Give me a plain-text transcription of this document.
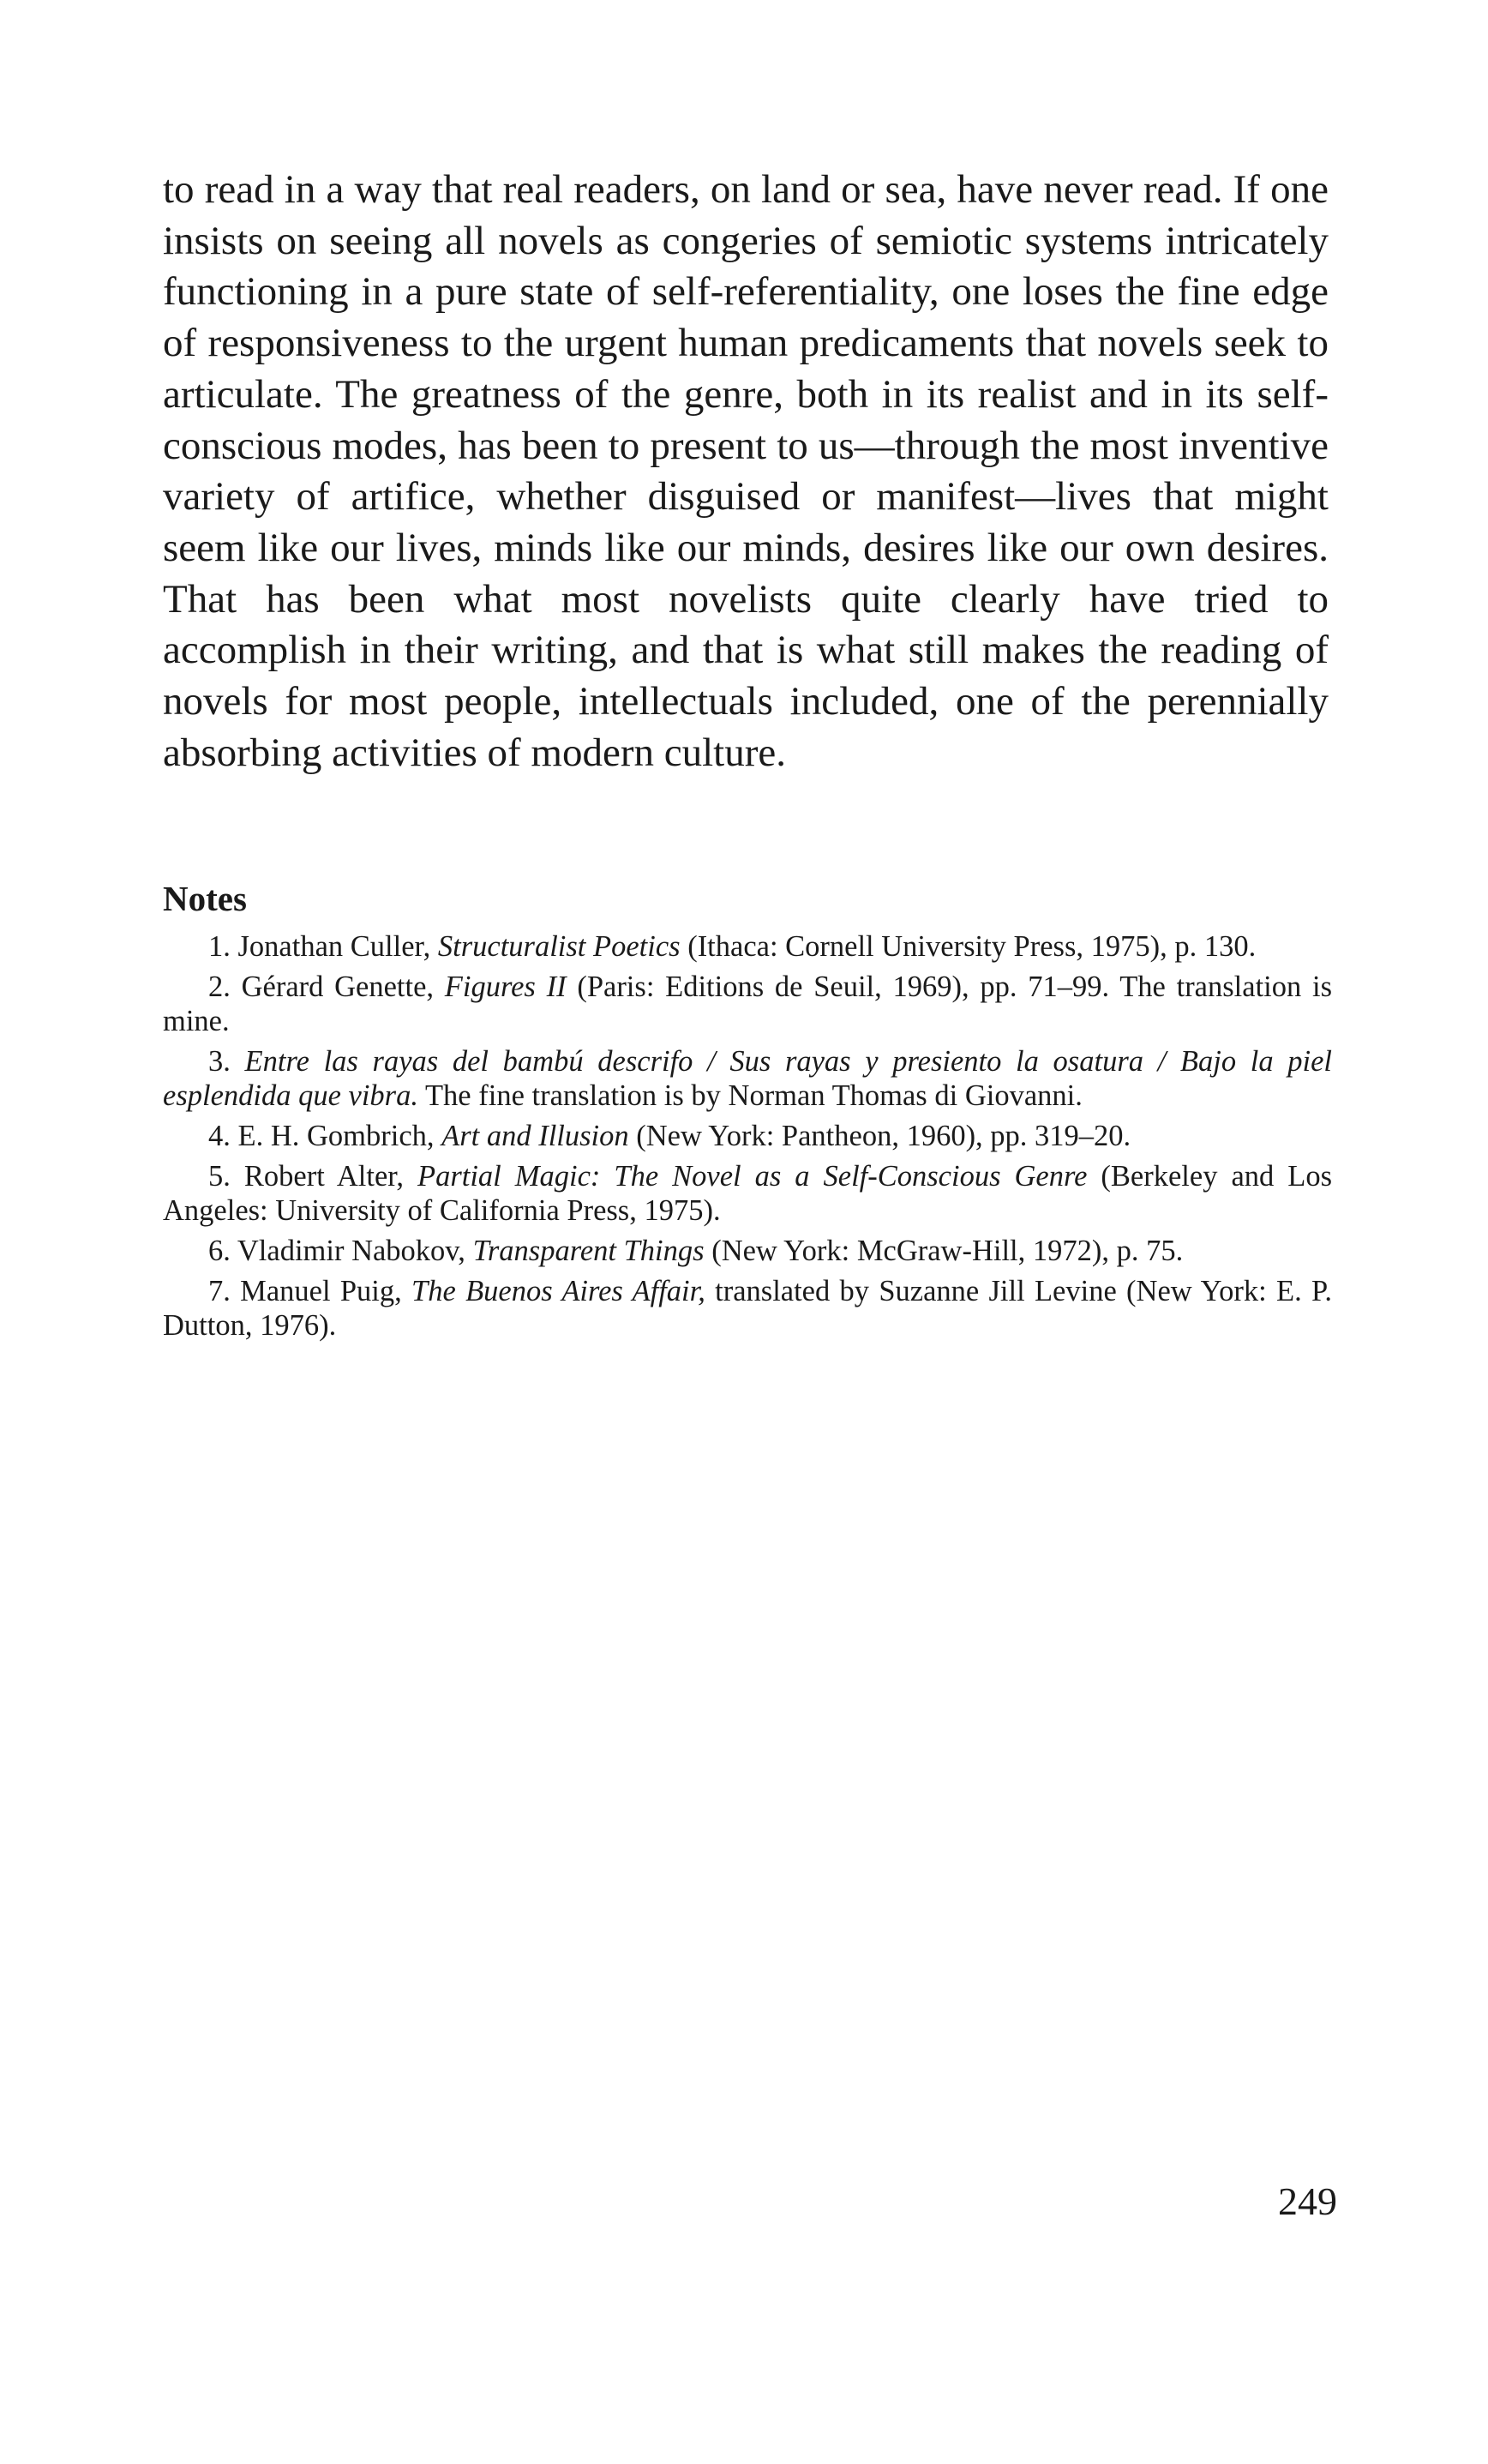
to read in a way that real readers, on land or sea, have never read. If one insists on seeing all novels as congeries of semiotic systems intricately functioning in a pure state of self-referentiality, one loses the fine edge of responsiveness to the urgent human predicaments that novels seek to articulate. The greatness of the genre, both in its realist and in its self-conscious modes, has been to present to us—through the most inventive variety of artifice, whether disguised or manifest—lives that might seem like our lives, minds like our minds, desires like our own desires. That has been what most novelists quite clearly have tried to accomplish in their writing, and that is what still makes the reading of novels for most people, intellectuals included, one of the perennially absorbing activities of modern culture.

Notes
1. Jonathan Culler, Structuralist Poetics (Ithaca: Cornell University Press, 1975), p. 130.
2. Gérard Genette, Figures II (Paris: Editions de Seuil, 1969), pp. 71–99. The translation is mine.
3. Entre las rayas del bambú descrifo / Sus rayas y presiento la osatura / Bajo la piel esplendida que vibra. The fine translation is by Norman Thomas di Giovanni.
4. E. H. Gombrich, Art and Illusion (New York: Pantheon, 1960), pp. 319–20.
5. Robert Alter, Partial Magic: The Novel as a Self-Conscious Genre (Berkeley and Los Angeles: University of California Press, 1975).
6. Vladimir Nabokov, Transparent Things (New York: McGraw-Hill, 1972), p. 75.
7. Manuel Puig, The Buenos Aires Affair, translated by Suzanne Jill Levine (New York: E. P. Dutton, 1976).
249
